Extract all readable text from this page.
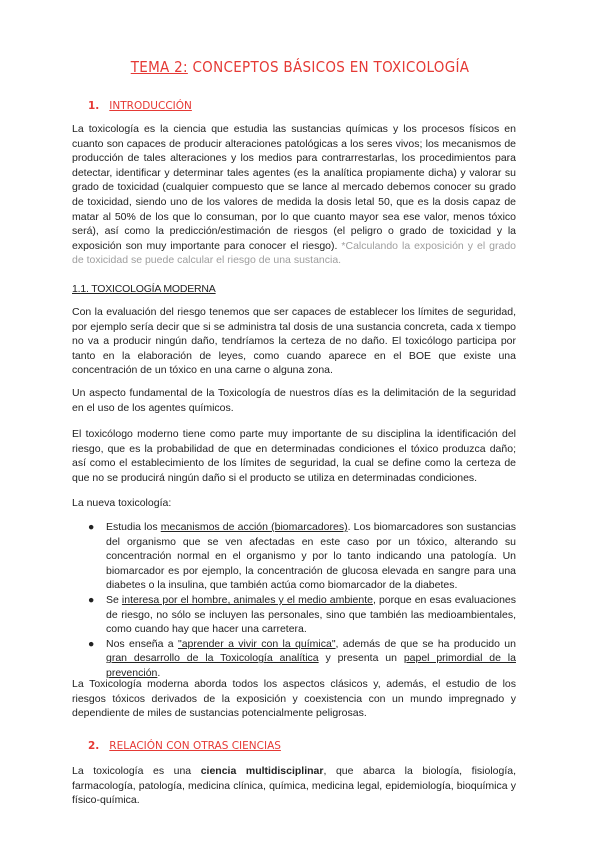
TEMA 2: CONCEPTOS BÁSICOS EN TOXICOLOGÍA
1. INTRODUCCIÓN
La toxicología es la ciencia que estudia las sustancias químicas y los procesos físicos en cuanto son capaces de producir alteraciones patológicas a los seres vivos; los mecanismos de producción de tales alteraciones y los medios para contrarrestarlas, los procedimientos para detectar, identificar y determinar tales agentes (es la analítica propiamente dicha) y valorar su grado de toxicidad (cualquier compuesto que se lance al mercado debemos conocer su grado de toxicidad, siendo uno de los valores de medida la dosis letal 50, que es la dosis capaz de matar al 50% de los que lo consuman, por lo que cuanto mayor sea ese valor, menos tóxico será), así como la predicción/estimación de riesgos (el peligro o grado de toxicidad y la exposición son muy importante para conocer el riesgo). *Calculando la exposición y el grado de toxicidad se puede calcular el riesgo de una sustancia.
1.1. TOXICOLOGÍA MODERNA
Con la evaluación del riesgo tenemos que ser capaces de establecer los límites de seguridad, por ejemplo sería decir que si se administra tal dosis de una sustancia concreta, cada x tiempo no va a producir ningún daño, tendríamos la certeza de no daño. El toxicólogo participa por tanto en la elaboración de leyes, como cuando aparece en el BOE que existe una concentración de un tóxico en una carne o alguna zona.
Un aspecto fundamental de la Toxicología de nuestros días es la delimitación de la seguridad en el uso de los agentes químicos.
El toxicólogo moderno tiene como parte muy importante de su disciplina la identificación del riesgo, que es la probabilidad de que en determinadas condiciones el tóxico produzca daño; así como el establecimiento de los límites de seguridad, la cual se define como la certeza de que no se producirá ningún daño si el producto se utiliza en determinadas condiciones.
La nueva toxicología:
● Estudia los mecanismos de acción (biomarcadores). Los biomarcadores son sustancias del organismo que se ven afectadas en este caso por un tóxico, alterando su concentración normal en el organismo y por lo tanto indicando una patología. Un biomarcador es por ejemplo, la concentración de glucosa elevada en sangre para una diabetes o la insulina, que también actúa como biomarcador de la diabetes.
● Se interesa por el hombre, animales y el medio ambiente, porque en esas evaluaciones de riesgo, no sólo se incluyen las personales, sino que también las medioambientales, como cuando hay que hacer una carretera.
● Nos enseña a "aprender a vivir con la química", además de que se ha producido un gran desarrollo de la Toxicología analítica y presenta un papel primordial de la prevención.
La Toxicología moderna aborda todos los aspectos clásicos y, además, el estudio de los riesgos tóxicos derivados de la exposición y coexistencia con un mundo impregnado y dependiente de miles de sustancias potencialmente peligrosas.
2. RELACIÓN CON OTRAS CIENCIAS
La toxicología es una ciencia multidisciplinar, que abarca la biología, fisiología, farmacología, patología, medicina clínica, química, medicina legal, epidemiología, bioquímica y físico-química.
